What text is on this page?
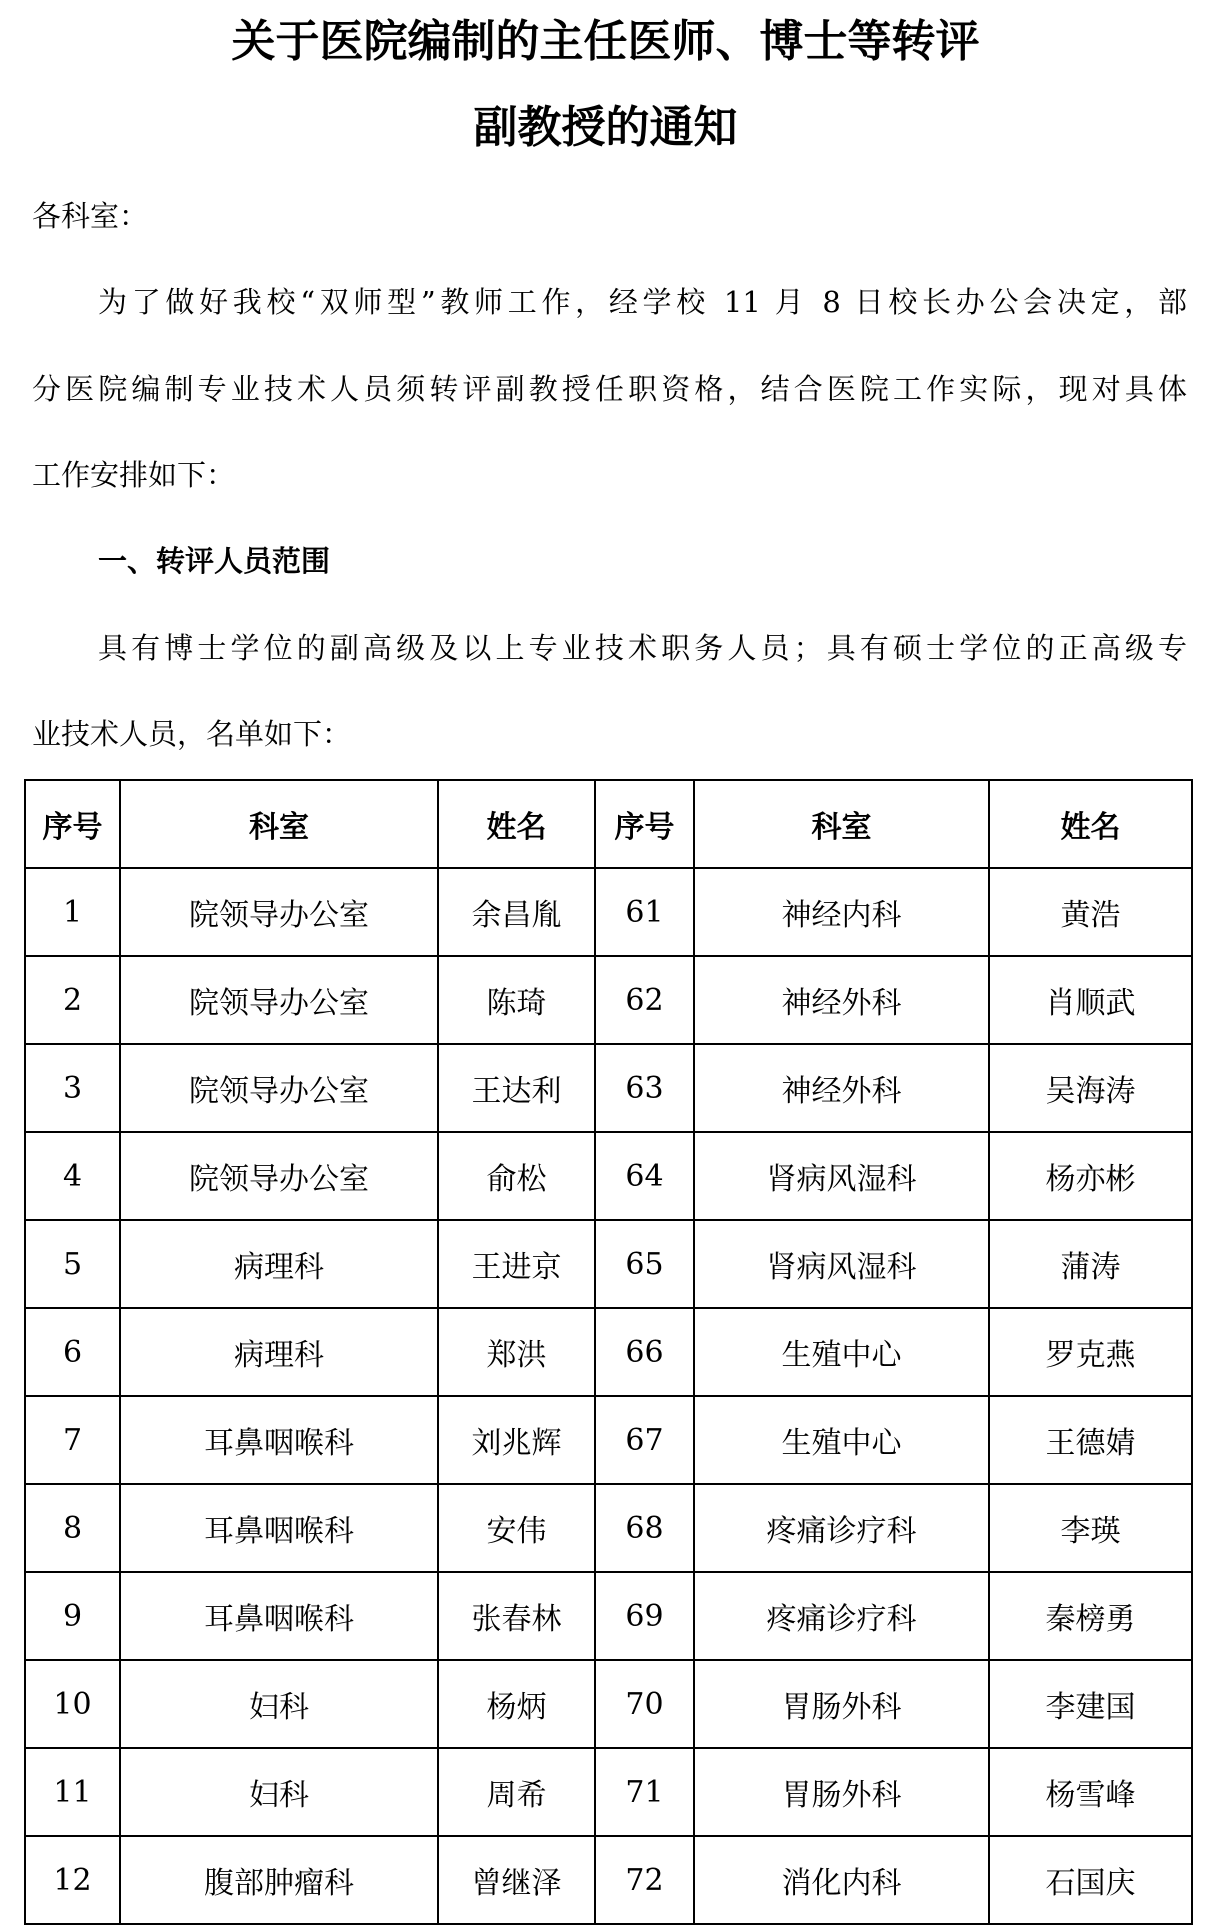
关于医院编制的主任医师、博士等转评
副教授的通知

各科室：

为了做好我校“双师型”教师工作，经学校 11 月 8 日校长办公会决定，部

分医院编制专业技术人员须转评副教授任职资格，结合医院工作实际，现对具体

工作安排如下：

一、转评人员范围

具有博士学位的副高级及以上专业技术职务人员；具有硕士学位的正高级专

业技术人员，名单如下：

序号	科室	姓名	序号	科室	姓名
1	院领导办公室	余昌胤	61	神经内科	黄浩
2	院领导办公室	陈琦	62	神经外科	肖顺武
3	院领导办公室	王达利	63	神经外科	吴海涛
4	院领导办公室	俞松	64	肾病风湿科	杨亦彬
5	病理科	王进京	65	肾病风湿科	蒲涛
6	病理科	郑洪	66	生殖中心	罗克燕
7	耳鼻咽喉科	刘兆辉	67	生殖中心	王德婧
8	耳鼻咽喉科	安伟	68	疼痛诊疗科	李瑛
9	耳鼻咽喉科	张春林	69	疼痛诊疗科	秦榜勇
10	妇科	杨炳	70	胃肠外科	李建国
11	妇科	周希	71	胃肠外科	杨雪峰
12	腹部肿瘤科	曾继泽	72	消化内科	石国庆
